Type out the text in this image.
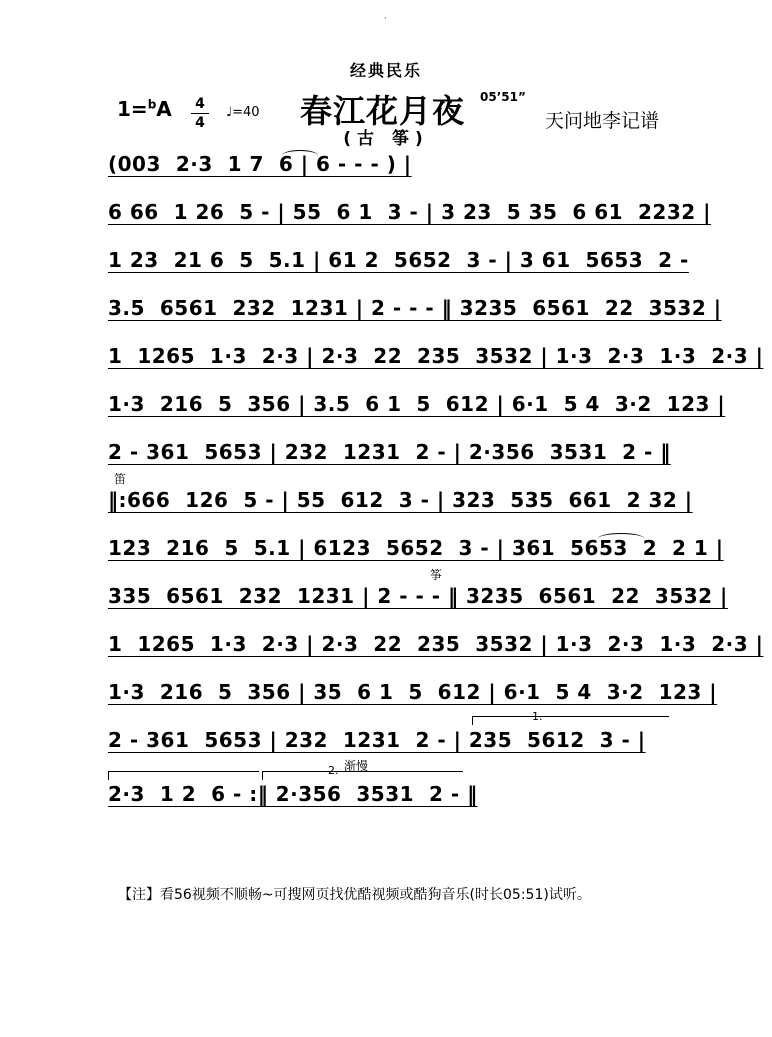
·
经典民乐
1=$^b$A 4
4
♩=40 春江花月夜 05’51”
天问地李记谱
(古 筝)
(003  2·3  1 7  6 | 6 - - - ) |
6 66  1 26  5 - | 55  6 1  3 - | 3 23  5 35  6 61  2232 |
1 23  21 6  5  5.1 | 61 2  5652  3 - | 3 61  5653  2 -
3.5  6561  232  1231 | 2 - - - ‖ 3235  6561  22  3532 |
1  1265  1·3  2·3 | 2·3  22  235  3532 | 1·3  2·3  1·3  2·3 |
1·3  216  5  356 | 3.5  6 1  5  612 | 6·1  5 4  3·2  123 |
2 - 361  5653 | 232  1231  2 - | 2·356  3531  2 - ‖
笛
‖:666  126  5 - | 55  612  3 - | 323  535  661  2 32 |
123  216  5  5.1 | 6123  5652  3 - | 361  5653  2  2 1 |
筝
335  6561  232  1231 | 2 - - - ‖ 3235  6561  22  3532 |
1  1265  1·3  2·3 | 2·3  22  235  3532 | 1·3  2·3  1·3  2·3 |
1·3  216  5  356 | 35  6 1  5  612 | 6·1  5 4  3·2  123 |
1.
2 - 361  5653 | 232  1231  2 - | 235  5612  3 - |
2. 渐慢
2·3  1 2  6 - :‖ 2·356  3531  2 - ‖
【注】看56视频不顺畅~可搜网页找优酷视频或酷狗音乐(时长05:51)试听。
